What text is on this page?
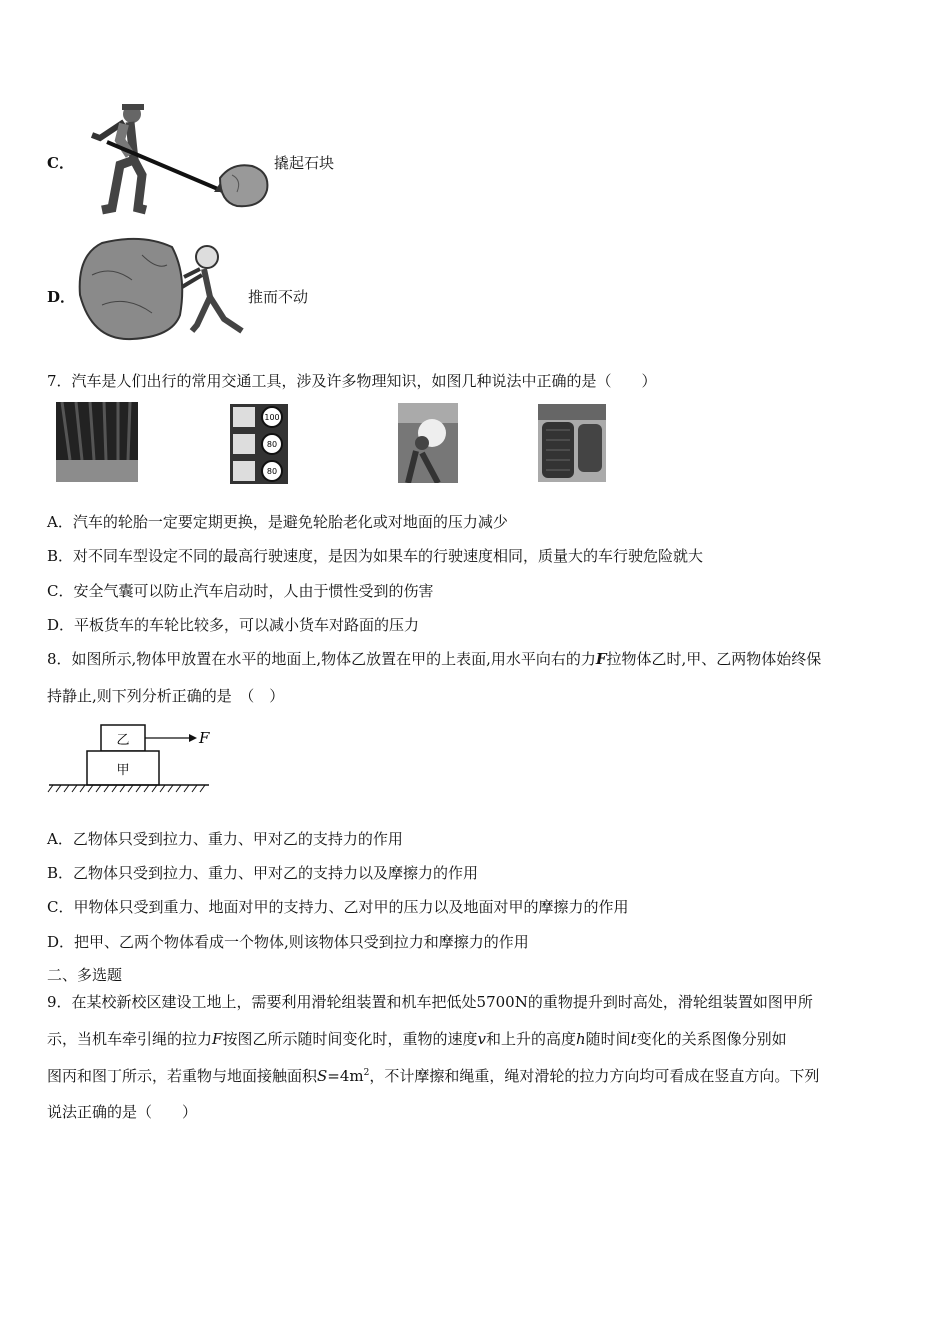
C．	撬起石块
D．	推而不动
7．汽车是人们出行的常用交通工具，涉及许多物理知识，如图几种说法中正确的是（　　）
100
80
80
A．汽车的轮胎一定要定期更换，是避免轮胎老化或对地面的压力减少
B．对不同车型设定不同的最高行驶速度，是因为如果车的行驶速度相同，质量大的车行驶危险就大
C．安全气囊可以防止汽车启动时，人由于惯性受到的伤害
D．平板货车的车轮比较多，可以减小货车对路面的压力
8．如图所示,物体甲放置在水平的地面上,物体乙放置在甲的上表面,用水平向右的力F拉物体乙时,甲、乙两物体始终保
持静止,则下列分析正确的是　（　）
乙
甲
F
A．乙物体只受到拉力、重力、甲对乙的支持力的作用
B．乙物体只受到拉力、重力、甲对乙的支持力以及摩擦力的作用
C．甲物体只受到重力、地面对甲的支持力、乙对甲的压力以及地面对甲的摩擦力的作用
D．把甲、乙两个物体看成一个物体,则该物体只受到拉力和摩擦力的作用
二、多选题
9．在某校新校区建设工地上，需要利用滑轮组装置和机车把低处5700N的重物提升到时高处，滑轮组装置如图甲所
示，当机车牵引绳的拉力F按图乙所示随时间变化时，重物的速度v和上升的高度h随时间t变化的关系图像分别如
图丙和图丁所示，若重物与地面接触面积$S=4m^2$，不计摩擦和绳重，绳对滑轮的拉力方向均可看成在竖直方向。下列
说法正确的是（　　）
